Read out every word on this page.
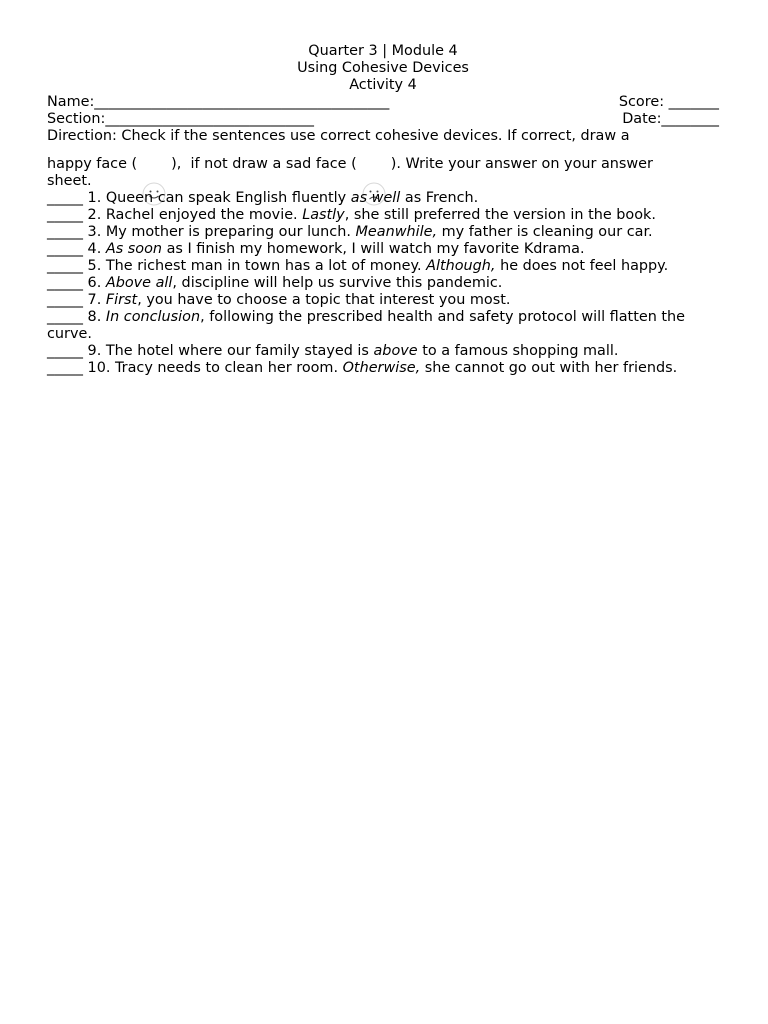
Quarter 3 | Module 4
Using Cohesive Devices
Activity 4
Name:_________________________________________	Score: _______
Section:_____________________________	Date:________
Direction: Check if the sentences use correct cohesive devices. If correct, draw a
happy face (

),  if not draw a sad face (

). Write your answer on your answer
sheet.
_____ 1. Queen can speak English fluently as well as French.
_____ 2. Rachel enjoyed the movie. Lastly, she still preferred the version in the book.
_____ 3. My mother is preparing our lunch. Meanwhile, my father is cleaning our car.
_____ 4. As soon as I finish my homework, I will watch my favorite Kdrama.
_____ 5. The richest man in town has a lot of money. Although, he does not feel happy.
_____ 6. Above all, discipline will help us survive this pandemic.
_____ 7. First, you have to choose a topic that interest you most.
_____ 8. In conclusion, following the prescribed health and safety protocol will flatten the curve.
_____ 9. The hotel where our family stayed is above to a famous shopping mall.
_____ 10. Tracy needs to clean her room. Otherwise, she cannot go out with her friends.
